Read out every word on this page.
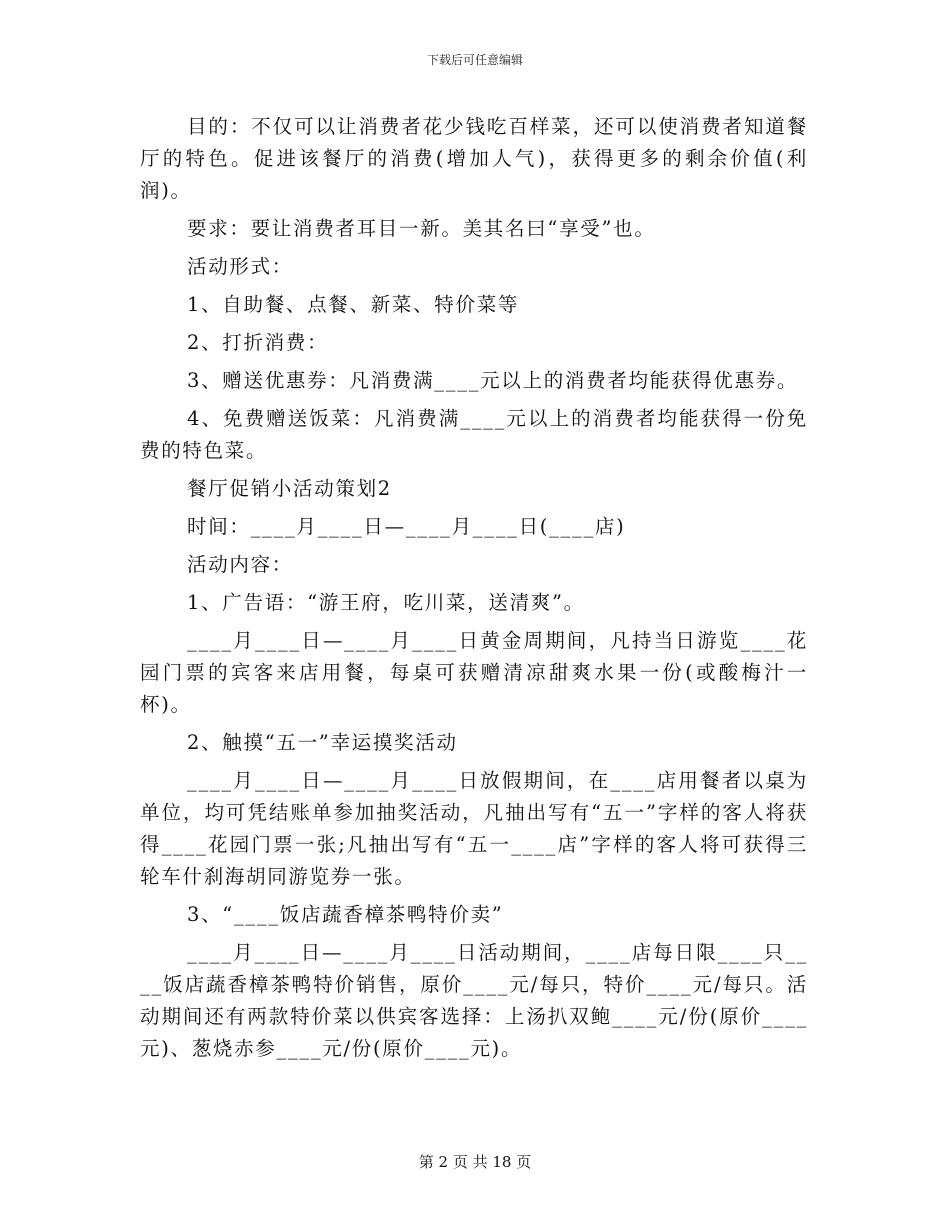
下载后可任意编辑

目的：不仅可以让消费者花少钱吃百样菜，还可以使消费者知道餐厅的特色。促进该餐厅的消费(增加人气)，获得更多的剩余价值(利润)。

要求：要让消费者耳目一新。美其名曰“享受”也。

活动形式：

1、自助餐、点餐、新菜、特价菜等

2、打折消费：

3、赠送优惠券：凡消费满____元以上的消费者均能获得优惠券。

4、免费赠送饭菜：凡消费满____元以上的消费者均能获得一份免费的特色菜。

餐厅促销小活动策划2

时间：____月____日—____月____日(____店)

活动内容：

1、广告语：“游王府，吃川菜，送清爽”。

____月____日—____月____日黄金周期间，凡持当日游览____花园门票的宾客来店用餐，每桌可获赠清凉甜爽水果一份(或酸梅汁一杯)。

2、触摸“五一”幸运摸奖活动

____月____日—____月____日放假期间，在____店用餐者以桌为单位，均可凭结账单参加抽奖活动，凡抽出写有“五一”字样的客人将获得____花园门票一张;凡抽出写有“五一____店”字样的客人将可获得三轮车什刹海胡同游览券一张。

3、“____饭店蔬香樟茶鸭特价卖”

____月____日—____月____日活动期间，____店每日限____只____饭店蔬香樟茶鸭特价销售，原价____元/每只，特价____元/每只。活动期间还有两款特价菜以供宾客选择：上汤扒双鲍____元/份(原价____元)、葱烧赤参____元/份(原价____元)。

第 2 页 共 18 页
